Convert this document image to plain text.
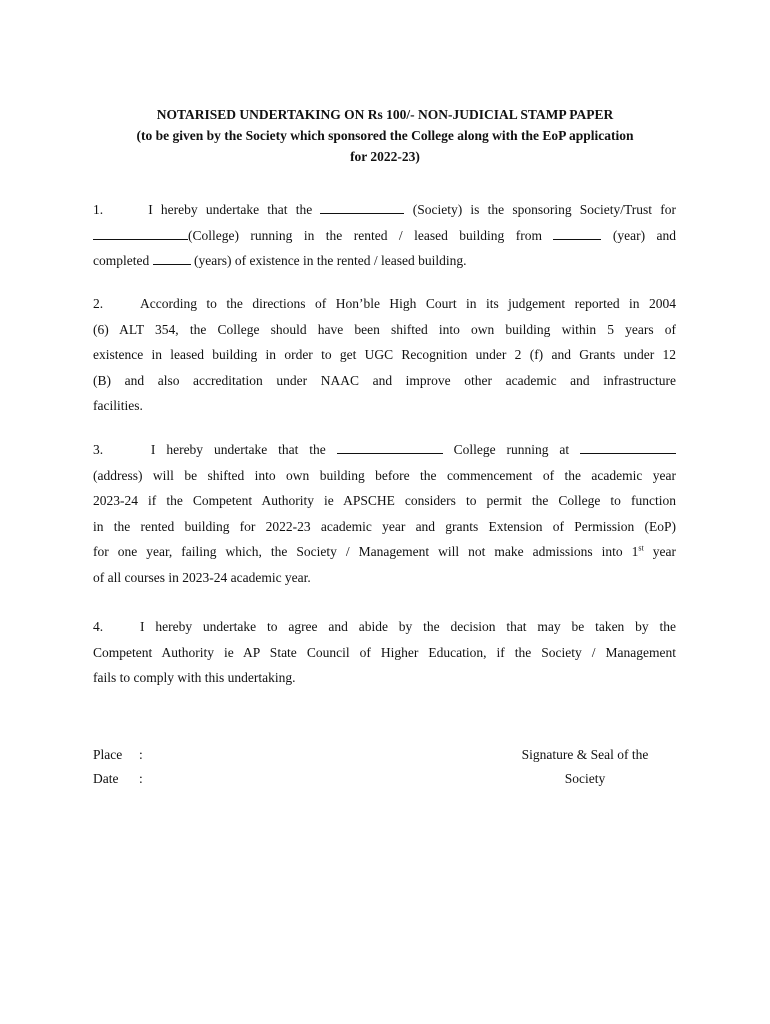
NOTARISED UNDERTAKING ON Rs 100/- NON-JUDICIAL STAMP PAPER
(to be given by the Society which sponsored the College along with the EoP application
for 2022-23)
1.	I hereby undertake that the	(Society) is the sponsoring Society/Trust for
(College) running in the rented / leased building from	(year) and
completed	(years) of existence in the rented / leased building.
2.	According to the directions of Hon’ble High Court in its judgement reported in 2004
(6) ALT 354, the College should have been shifted into own building within 5 years of
existence in leased building in order to get UGC Recognition under 2 (f) and Grants under 12
(B) and also accreditation under NAAC and improve other academic and infrastructure
facilities.
3.	I hereby undertake that the	College running at
(address) will be shifted into own building before the commencement of the academic year
2023-24 if the Competent Authority ie APSCHE considers to permit the College to function
in the rented building for 2022-23 academic year and grants Extension of Permission (EoP)
for one year, failing which, the Society / Management will not make admissions into 1st year
of all courses in 2023-24 academic year.
4.	I hereby undertake to agree and abide by the decision that may be taken by the
Competent Authority ie AP State Council of Higher Education, if the Society / Management
fails to comply with this undertaking.
Place :
Date :
Signature & Seal of the
Society
